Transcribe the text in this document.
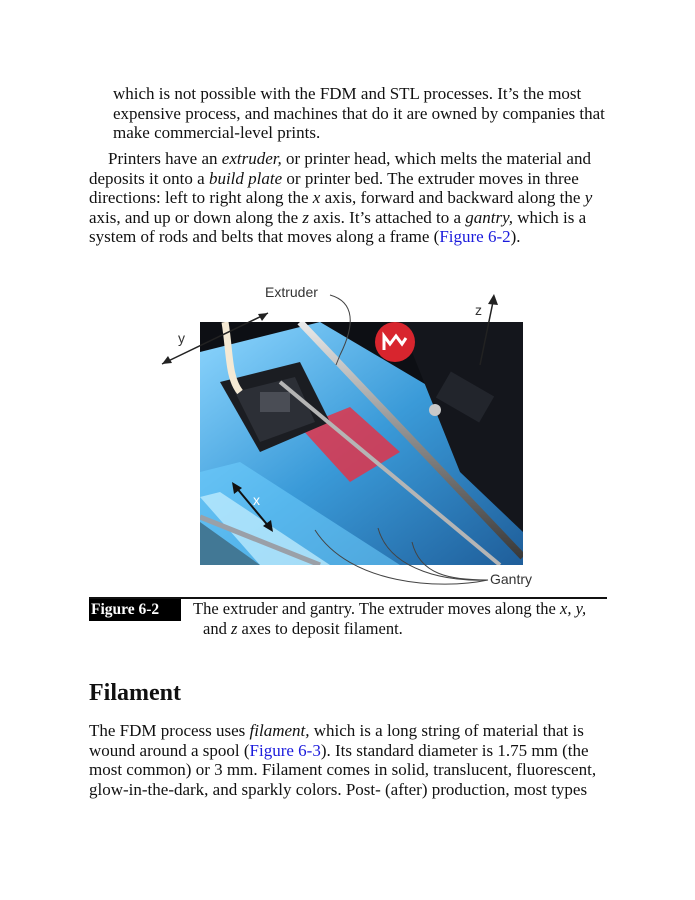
which is not possible with the FDM and STL processes. It’s the most expensive process, and machines that do it are owned by companies that make commercial-level prints.

Printers have an extruder, or printer head, which melts the material and deposits it onto a build plate or printer bed. The extruder moves in three directions: left to right along the x axis, forward and backward along the y axis, and up or down along the z axis. It’s attached to a gantry, which is a system of rods and belts that moves along a frame (Figure 6-2).

Extruder
z
y
x
Gantry
Figure 6-2	The extruder and gantry. The extruder moves along the x, y,
and z axes to deposit filament.
Filament

The FDM process uses filament, which is a long string of material that is wound around a spool (Figure 6-3). Its standard diameter is 1.75 mm (the most common) or 3 mm. Filament comes in solid, translucent, fluorescent, glow-in-the-dark, and sparkly colors. Post- (after) production, most types
